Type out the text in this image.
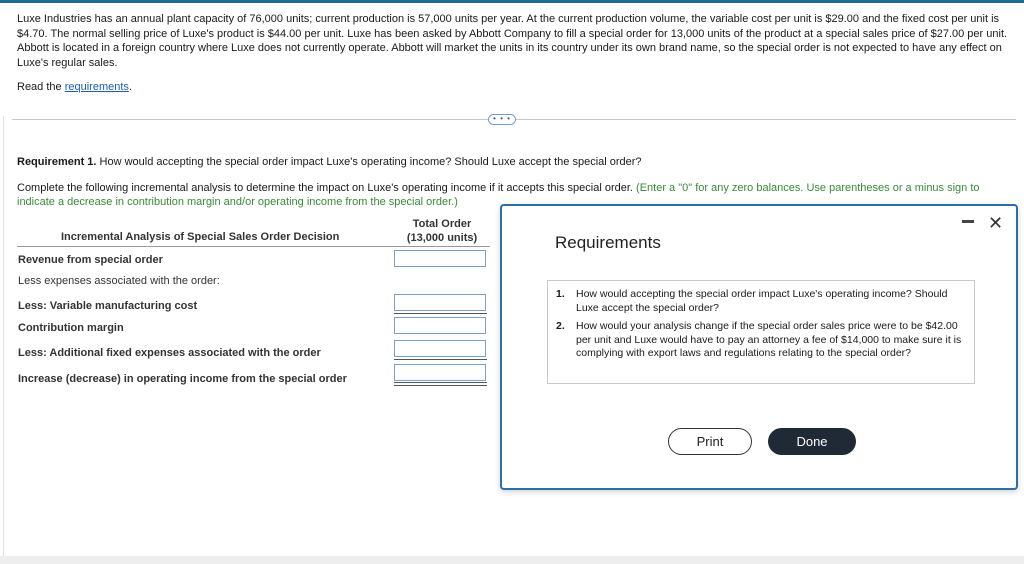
Luxe Industries has an annual plant capacity of 76,000 units; current production is 57,000 units per year. At the current production volume, the variable cost per unit is $29.00 and the fixed cost per unit is $4.70. The normal selling price of Luxe's product is $44.00 per unit. Luxe has been asked by Abbott Company to fill a special order for 13,000 units of the product at a special sales price of $27.00 per unit. Abbott is located in a foreign country where Luxe does not currently operate. Abbott will market the units in its country under its own brand name, so the special order is not expected to have any effect on Luxe's regular sales.

Read the requirements.

• • •

Requirement 1. How would accepting the special order impact Luxe's operating income? Should Luxe accept the special order?

Complete the following incremental analysis to determine the impact on Luxe's operating income if it accepts this special order. (Enter a "0" for any zero balances. Use parentheses or a minus sign to indicate a decrease in contribution margin and/or operating income from the special order.)

Incremental Analysis of Special Sales Order Decision
Total Order
(13,000 units)
Revenue from special order
Less expenses associated with the order:
Less: Variable manufacturing cost
Contribution margin
Less: Additional fixed expenses associated with the order
Increase (decrease) in operating income from the special order
Requirements
✕
1.	How would accepting the special order impact Luxe's operating income? Should Luxe accept the special order?
2.	How would your analysis change if the special order sales price were to be $42.00 per unit and Luxe would have to pay an attorney a fee of $14,000 to make sure it is complying with export laws and regulations relating to the special order?
Print	Done
